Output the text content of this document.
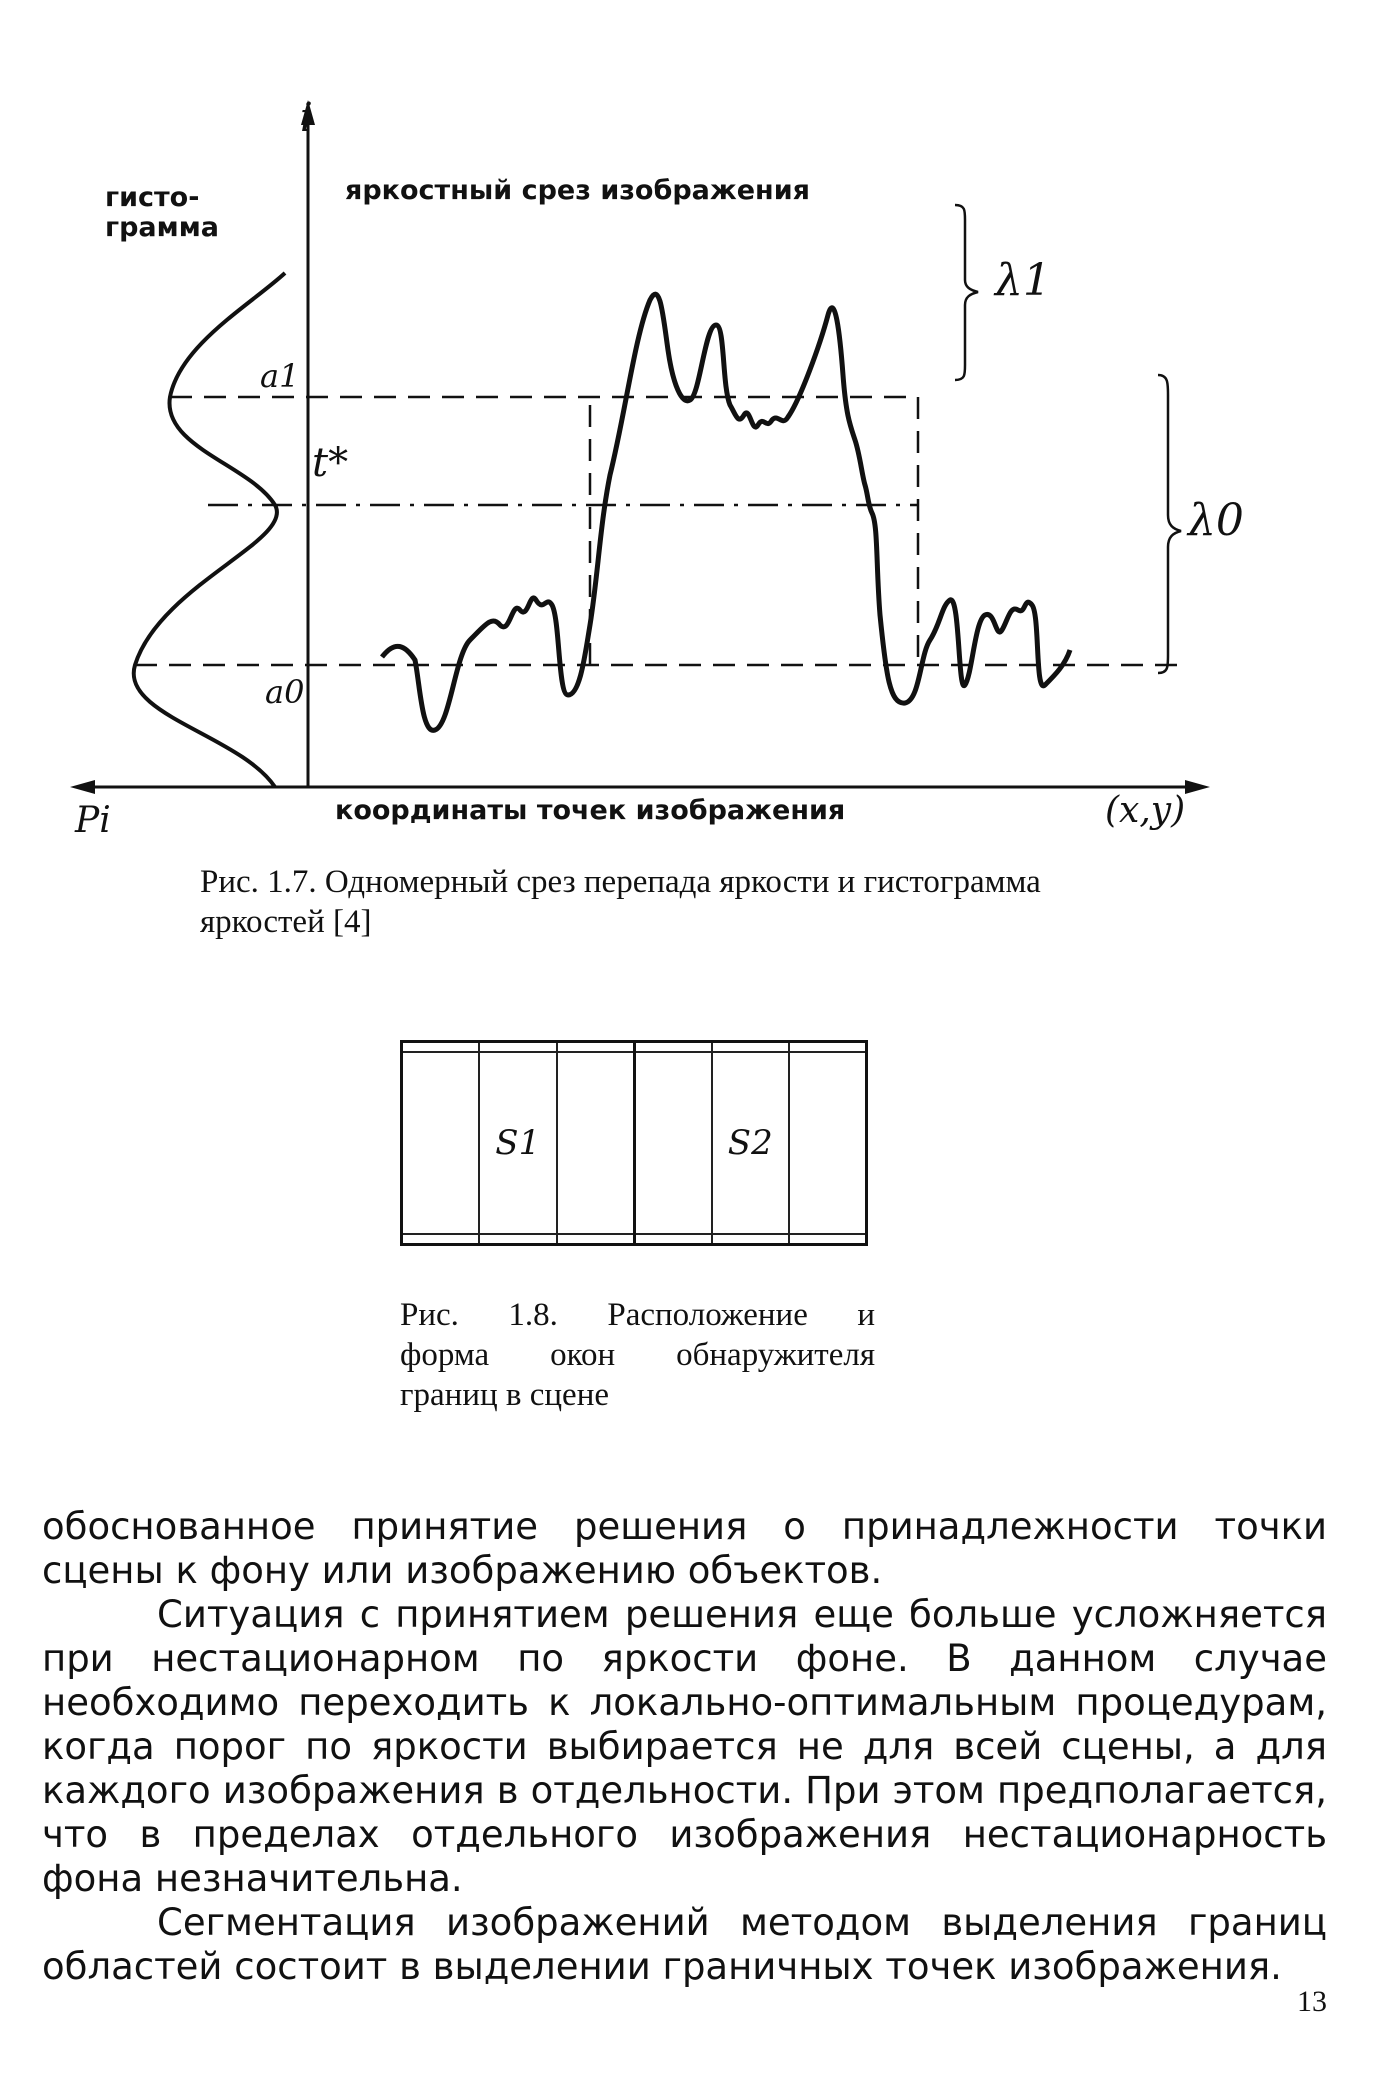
i
гисто-
грамма
яркостный срез изображения
a1
t*
a0
λ1
λ0
Pi	координаты точек изображения	(x,y)
Рис. 1.7. Одномерный срез перепада яркости и гистограмма
яркостей [4]

	S1			S2	

Рис. 1.8. Расположение и
форма окон обнаружителя
границ в сцене

обоснованное принятие решения о принадлежности точки сцены к фону или изображению объектов.

Ситуация с принятием решения еще больше усложняется при нестационарном по яркости фоне. В данном случае необходимо переходить к локально-оптимальным процедурам, когда порог по яркости выбирается не для всей сцены, а для каждого изображения в отдельности. При этом предполагается, что в пределах отдельного изображения нестационарность фона незначительна.

Сегментация изображений методом выделения границ областей состоит в выделении граничных точек изображения.

13
